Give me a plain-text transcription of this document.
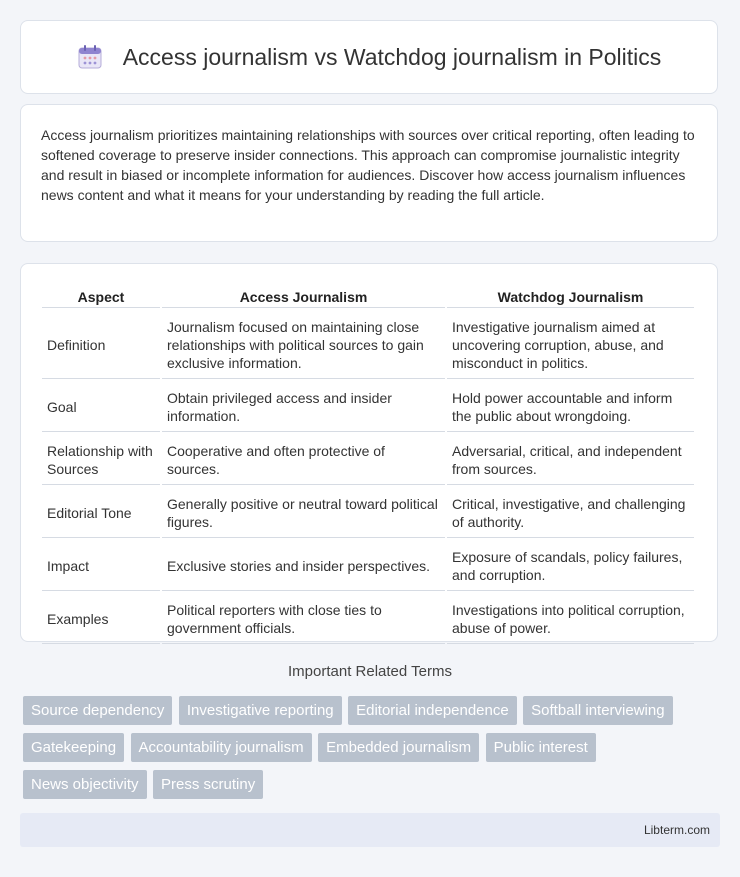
Access journalism vs Watchdog journalism in Politics

Access journalism prioritizes maintaining relationships with sources over critical reporting, often leading to softened coverage to preserve insider connections. This approach can compromise journalistic integrity and result in biased or incomplete information for audiences. Discover how access journalism influences news content and what it means for your understanding by reading the full article.

Aspect	Access Journalism	Watchdog Journalism
Definition	Journalism focused on maintaining close relationships with political sources to gain exclusive information.	Investigative journalism aimed at uncovering corruption, abuse, and misconduct in politics.
Goal	Obtain privileged access and insider information.	Hold power accountable and inform the public about wrongdoing.
Relationship with Sources	Cooperative and often protective of sources.	Adversarial, critical, and independent from sources.
Editorial Tone	Generally positive or neutral toward political figures.	Critical, investigative, and challenging of authority.
Impact	Exclusive stories and insider perspectives.	Exposure of scandals, policy failures, and corruption.
Examples	Political reporters with close ties to government officials.	Investigations into political corruption, abuse of power.
Important Related Terms
Source dependency Investigative reporting Editorial independence Softball interviewing Gatekeeping Accountability journalism Embedded journalism Public interest News objectivity Press scrutiny
Libterm.com
